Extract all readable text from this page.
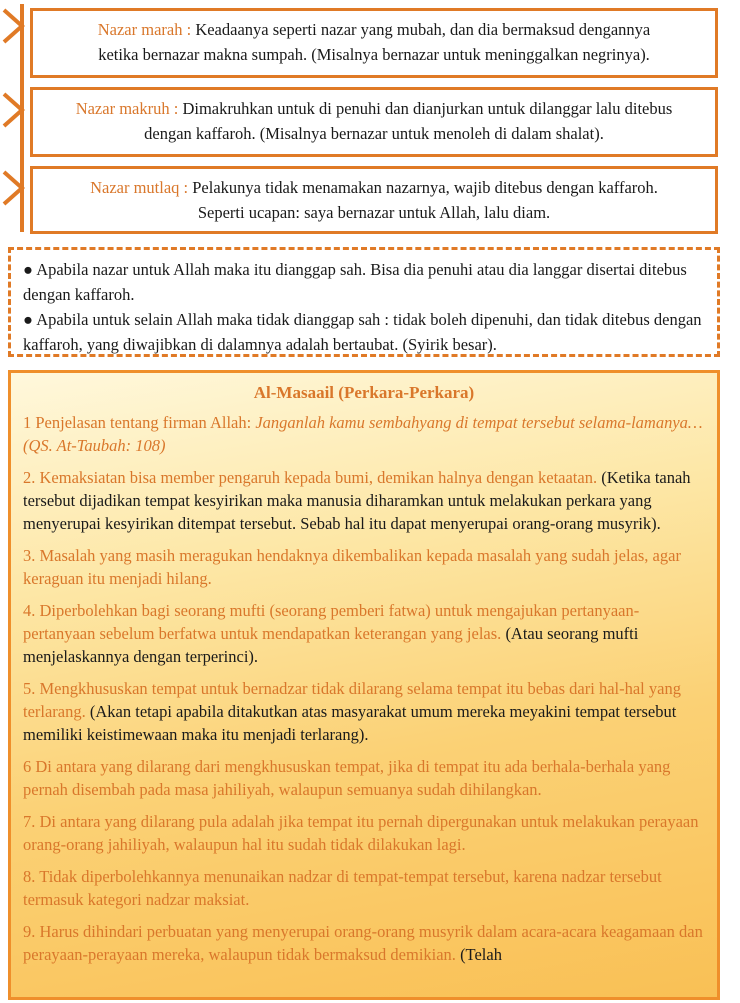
Nazar marah : Keadaanya seperti nazar yang mubah, dan dia bermaksud dengannya
ketika bernazar makna sumpah. (Misalnya bernazar untuk meninggalkan negrinya).
Nazar makruh : Dimakruhkan untuk di penuhi dan dianjurkan untuk dilanggar lalu ditebus
dengan kaffaroh. (Misalnya bernazar untuk menoleh di dalam shalat).
Nazar mutlaq : Pelakunya tidak menamakan nazarnya, wajib ditebus dengan kaffaroh.
Seperti ucapan: saya bernazar untuk Allah, lalu diam.

● Apabila nazar untuk Allah maka itu dianggap sah. Bisa dia penuhi atau dia langgar disertai ditebus dengan kaffaroh.

● Apabila untuk selain Allah maka tidak dianggap sah : tidak boleh dipenuhi, dan tidak ditebus dengan kaffaroh, yang diwajibkan di dalamnya adalah bertaubat. (Syirik besar).

Al-Masaail (Perkara-Perkara)

1 Penjelasan tentang firman Allah: Janganlah kamu sembahyang di tempat tersebut selama-lamanya…(QS. At-Taubah: 108)

2. Kemaksiatan bisa member pengaruh kepada bumi, demikan halnya dengan ketaatan. (Ketika tanah tersebut dijadikan tempat kesyirikan maka manusia diharamkan untuk melakukan perkara yang menyerupai kesyirikan ditempat tersebut. Sebab hal itu dapat menyerupai orang-orang musyrik).

3. Masalah yang masih meragukan hendaknya dikembalikan kepada masalah yang sudah jelas, agar keraguan itu menjadi hilang.

4. Diperbolehkan bagi seorang mufti (seorang pemberi fatwa) untuk mengajukan pertanyaan-pertanyaan sebelum berfatwa untuk mendapatkan keterangan yang jelas. (Atau seorang mufti menjelaskannya dengan terperinci).

5. Mengkhususkan tempat untuk bernadzar tidak dilarang selama tempat itu bebas dari hal-hal yang terlarang. (Akan tetapi apabila ditakutkan atas masyarakat umum mereka meyakini tempat tersebut memiliki keistimewaan maka itu menjadi terlarang).

6 Di antara yang dilarang dari mengkhususkan tempat, jika di tempat itu ada berhala-berhala yang pernah disembah pada masa jahiliyah, walaupun semuanya sudah dihilangkan.

7. Di antara yang dilarang pula adalah jika tempat itu pernah dipergunakan untuk melakukan perayaan orang-orang jahiliyah, walaupun hal itu sudah tidak dilakukan lagi.

8. Tidak diperbolehkannya menunaikan nadzar di tempat-tempat tersebut, karena nadzar tersebut termasuk kategori nadzar maksiat.

9. Harus dihindari perbuatan yang menyerupai orang-orang musyrik dalam acara-acara keagamaan dan perayaan-perayaan mereka, walaupun tidak bermaksud demikian. (Telah
